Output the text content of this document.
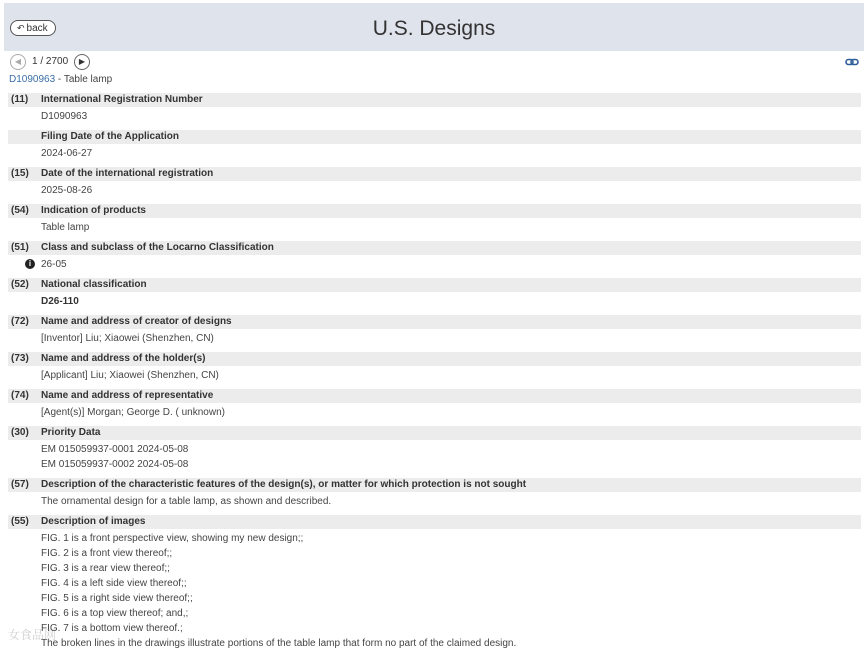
↶ back	U.S. Designs
◀	1 / 2700	▶
D1090963 - Table lamp
(11) International Registration Number
D1090963
Filing Date of the Application
2024-06-27
(15) Date of the international registration
2025-08-26
(54) Indication of products
Table lamp
(51) Class and subclass of the Locarno Classification
i 26-05
(52) National classification
D26-110
(72) Name and address of creator of designs
[Inventor] Liu; Xiaowei (Shenzhen, CN)
(73) Name and address of the holder(s)
[Applicant] Liu; Xiaowei (Shenzhen, CN)
(74) Name and address of representative
[Agent(s)] Morgan; George D. ( unknown)
(30) Priority Data
EM 015059937-0001 2024-05-08
EM 015059937-0002 2024-05-08
(57) Description of the characteristic features of the design(s), or matter for which protection is not sought
The ornamental design for a table lamp, as shown and described.
(55) Description of images
FIG. 1 is a front perspective view, showing my new design;;
FIG. 2 is a front view thereof;;
FIG. 3 is a rear view thereof;;
FIG. 4 is a left side view thereof;;
FIG. 5 is a right side view thereof;;
FIG. 6 is a top view thereof; and,;
FIG. 7 is a bottom view thereof.;
The broken lines in the drawings illustrate portions of the table lamp that form no part of the claimed design.
女食品网
